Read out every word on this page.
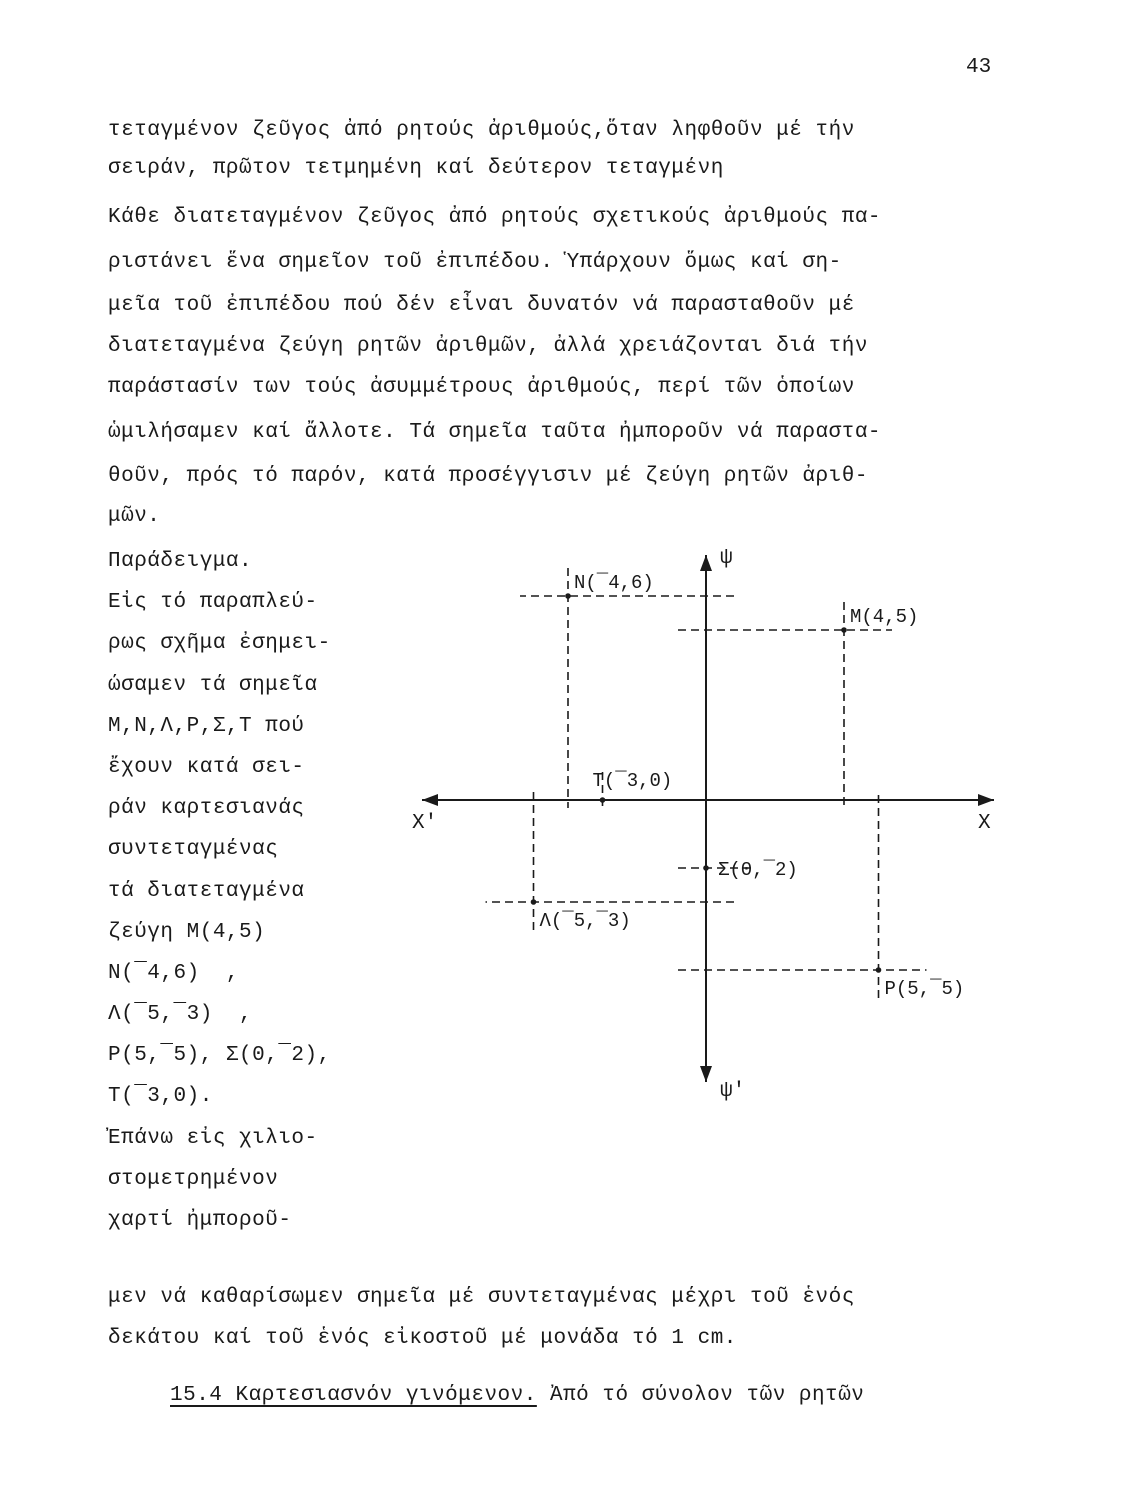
43
τεταγμένον ζεῦγος ἀπό ρητούς ἀριθμούς,ὅταν ληφθοῦν μέ τήν
σειράν, πρῶτον τετμημένη καί δεύτερον τεταγμένη
Κάθε διατεταγμένον ζεῦγος ἀπό ρητούς σχετικούς ἀριθμούς πα-
ριστάνει ἕνα σημεῖον τοῦ ἐπιπέδου. Ὑπάρχουν ὅμως καί ση-
μεῖα τοῦ ἐπιπέδου πού δέν εἶναι δυνατόν νά παρασταθοῦν μέ
διατεταγμένα ζεύγη ρητῶν ἀριθμῶν, ἀλλά χρειάζονται διά τήν
παράστασίν των τούς ἀσυμμέτρους ἀριθμούς, περί τῶν ὁποίων
ὡμιλήσαμεν καί ἄλλοτε. Τά σημεῖα ταῦτα ἠμποροῦν νά παραστα-
θοῦν, πρός τό παρόν, κατά προσέγγισιν μέ ζεύγη ρητῶν ἀριθ-
μῶν.
Παράδειγμα.
Εἰς τό παραπλεύ-
ρως σχῆμα ἐσημει-
ώσαμεν τά σημεῖα
M,N,Λ,P,Σ,T πού
ἔχουν κατά σει-
ράν καρτεσιανάς
συντεταγμένας
τά διατεταγμένα
ζεύγη M(4,5)
N(¯4,6)  ,
Λ(¯5,¯3)  ,
P(5,¯5), Σ(0,¯2),
T(¯3,0).
Ἐπάνω εἰς χιλιο-
στομετρημένον
χαρτί ἠμποροῦ-
X
X′
ψ
ψ′
M(4,5)
N(¯4,6)
Λ(¯5,¯3)
P(5,¯5)
Σ(0,¯2)
T(¯3,0)
μεν νά καθαρίσωμεν σημεῖα μέ συντεταγμένας μέχρι τοῦ ἑνός
δεκάτου καί τοῦ ἑνός εἰκοστοῦ μέ μονάδα τό 1 cm.
15.4 Καρτεσιασνόν γινόμενον. Ἀπό τό σύνολον τῶν ρητῶν
